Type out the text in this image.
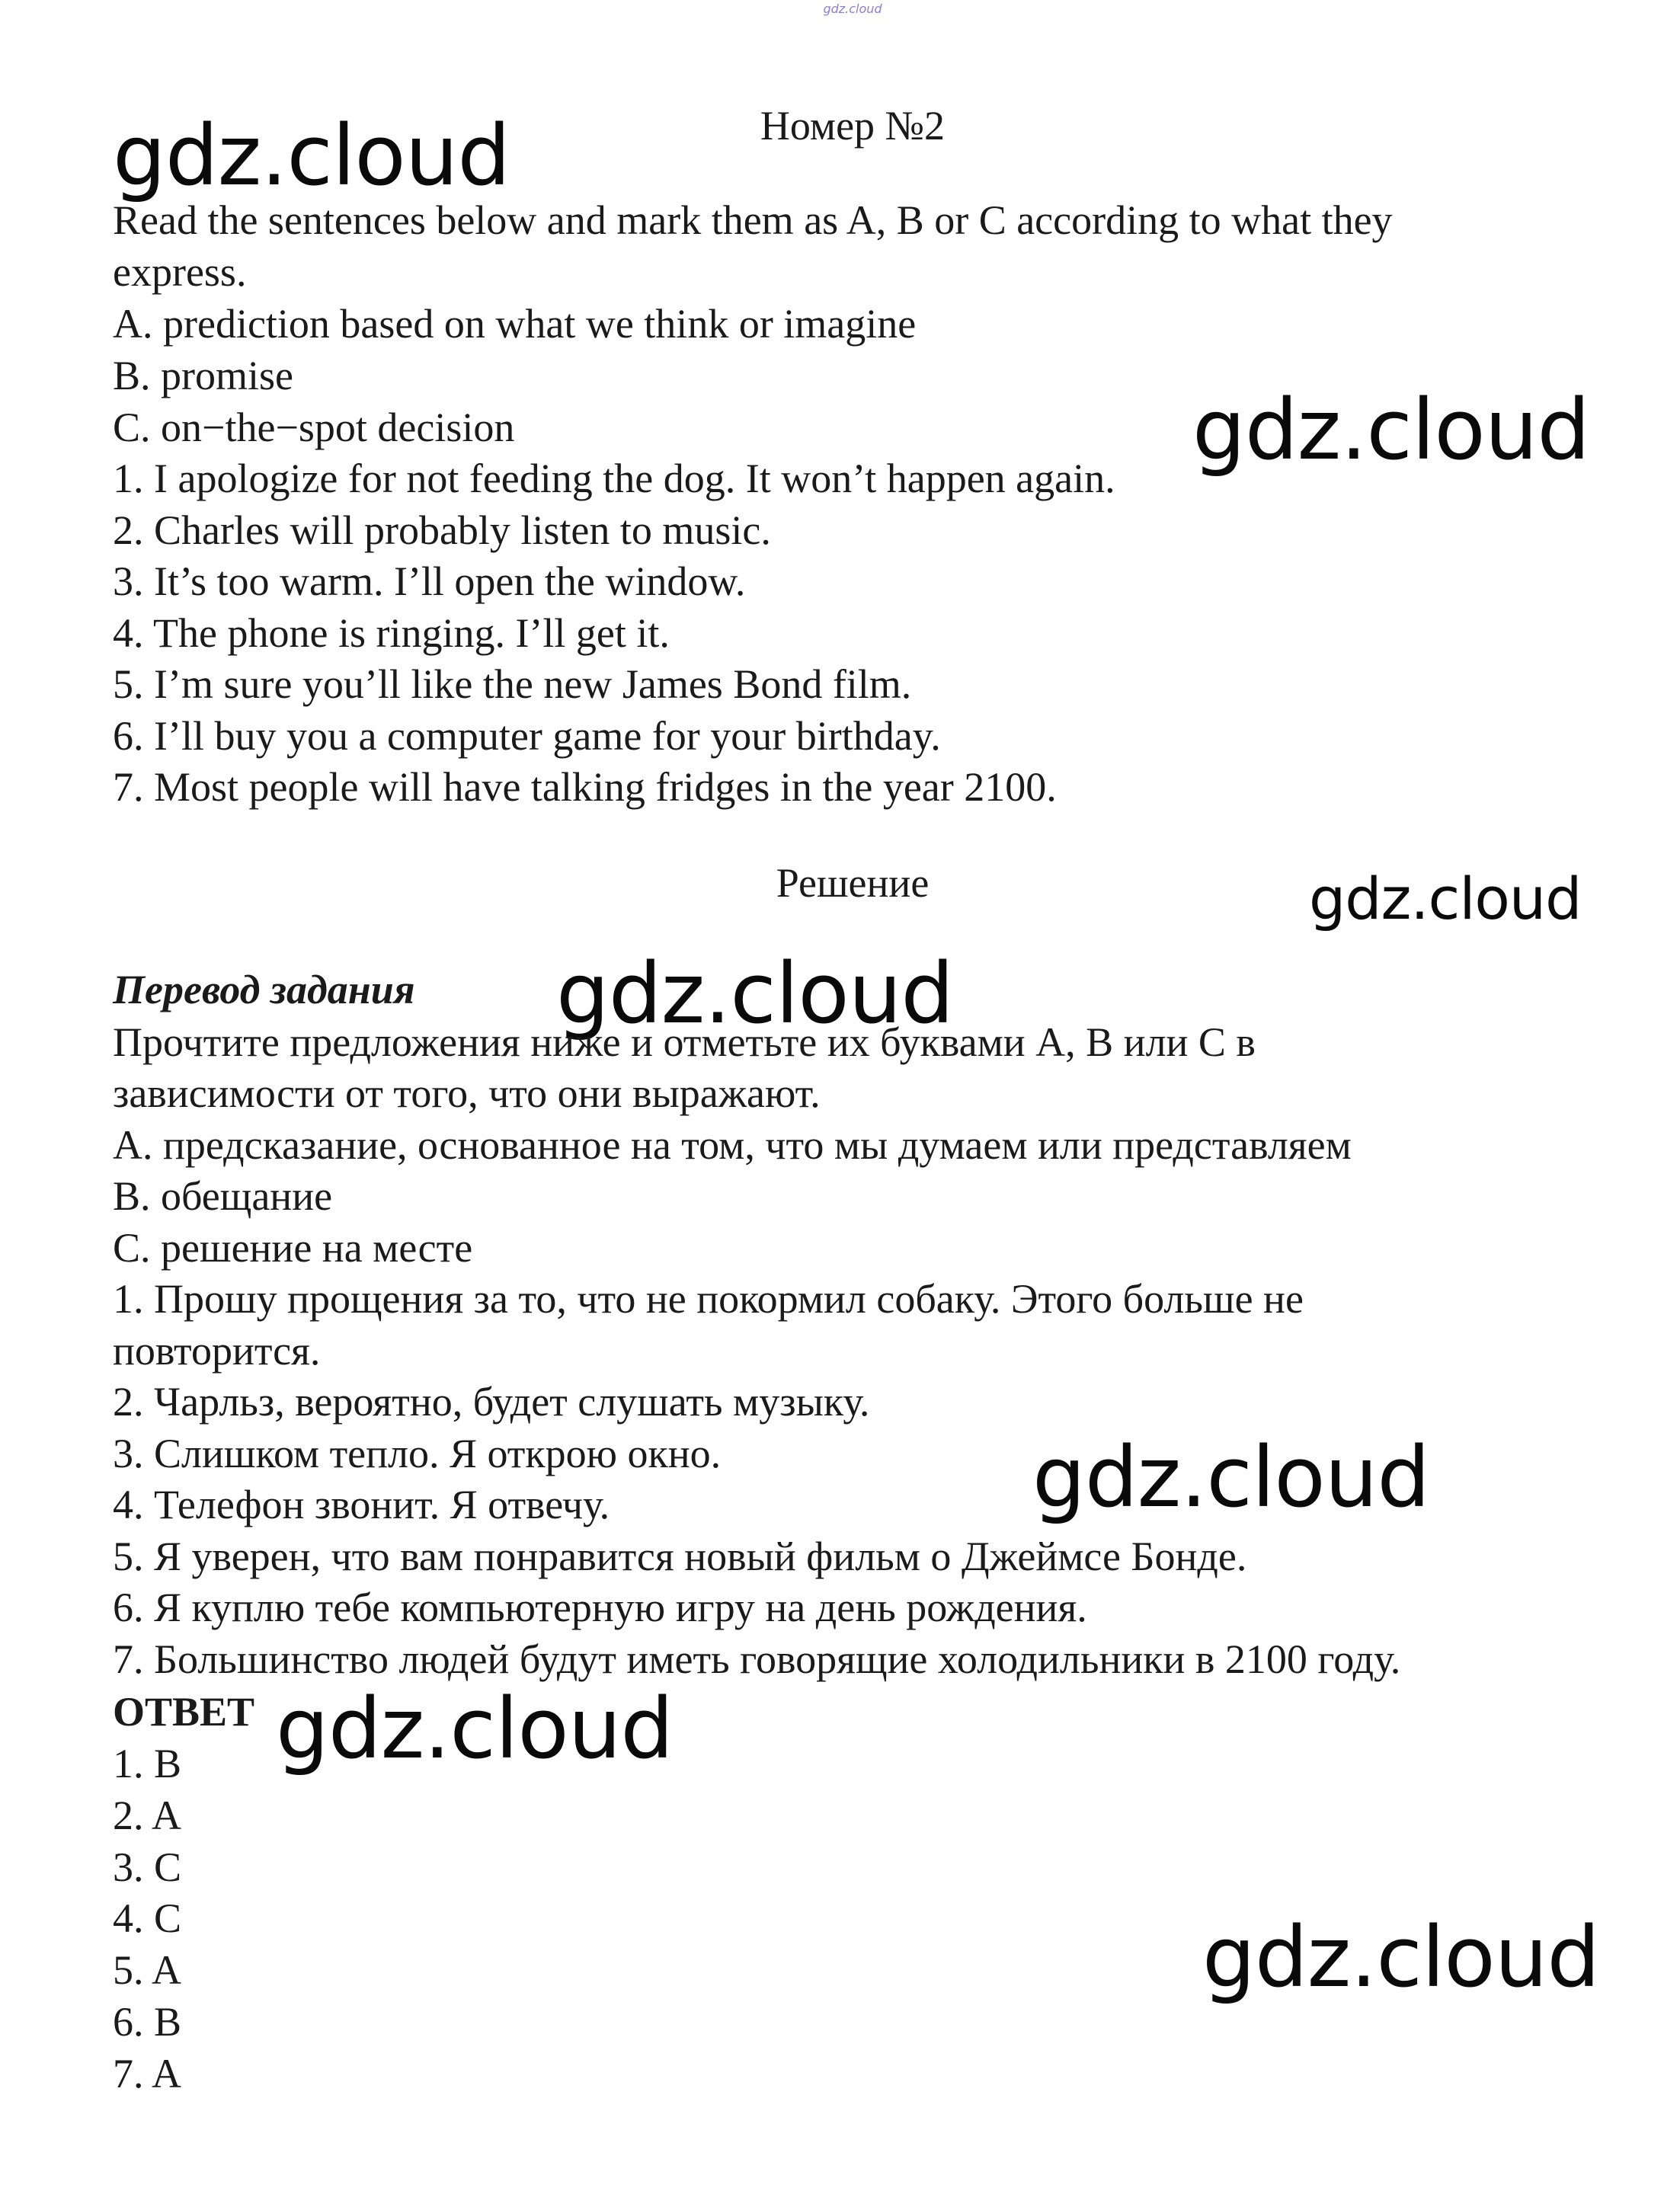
gdz.cloud
gdz.cloud
gdz.cloud
gdz.cloud
gdz.cloud
gdz.cloud
gdz.cloud
gdz.cloud
Номер №2
Read the sentences below and mark them as A, B or C according to what they
express.
A. prediction based on what we think or imagine
B. promise
C. on−the−spot decision
1. I apologize for not feeding the dog. It won’t happen again.
2. Charles will probably listen to music.
3. It’s too warm. I’ll open the window.
4. The phone is ringing. I’ll get it.
5. I’m sure you’ll like the new James Bond film.
6. I’ll buy you a computer game for your birthday.
7. Most people will have talking fridges in the year 2100.
Решение
Перевод задания
Прочтите предложения ниже и отметьте их буквами A, B или C в
зависимости от того, что они выражают.
A. предсказание, основанное на том, что мы думаем или представляем
B. обещание
C. решение на месте
1. Прошу прощения за то, что не покормил собаку. Этого больше не
повторится.
2. Чарльз, вероятно, будет слушать музыку.
3. Слишком тепло. Я открою окно.
4. Телефон звонит. Я отвечу.
5. Я уверен, что вам понравится новый фильм о Джеймсе Бонде.
6. Я куплю тебе компьютерную игру на день рождения.
7. Большинство людей будут иметь говорящие холодильники в 2100 году.
ОТВЕТ
1. B
2. A
3. C
4. C
5. A
6. B
7. A
